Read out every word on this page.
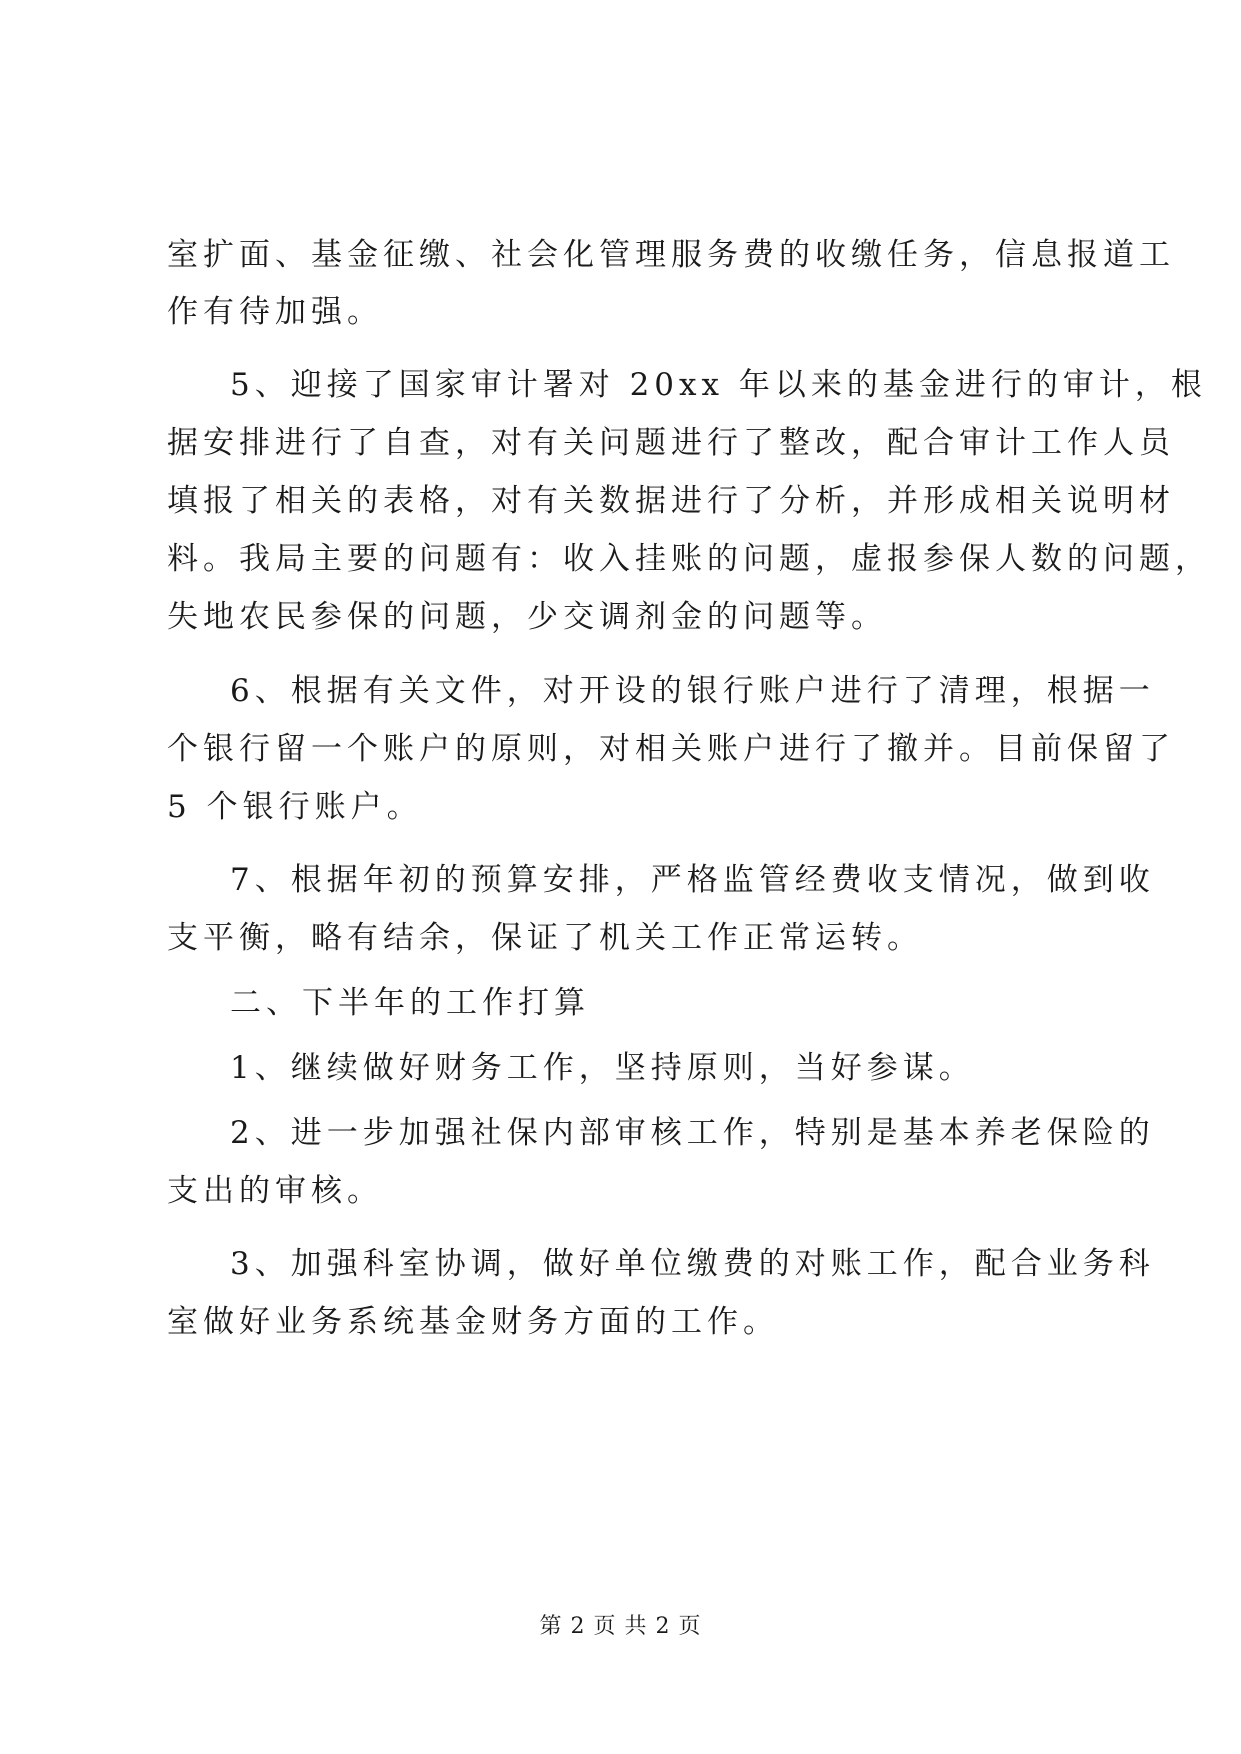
室扩面、基金征缴、社会化管理服务费的收缴任务，信息报道工
作有待加强。
5、迎接了国家审计署对 20xx 年以来的基金进行的审计，根
据安排进行了自查，对有关问题进行了整改，配合审计工作人员
填报了相关的表格，对有关数据进行了分析，并形成相关说明材
料。我局主要的问题有：收入挂账的问题，虚报参保人数的问题，
失地农民参保的问题，少交调剂金的问题等。
6、根据有关文件，对开设的银行账户进行了清理，根据一
个银行留一个账户的原则，对相关账户进行了撤并。目前保留了
5 个银行账户。
7、根据年初的预算安排，严格监管经费收支情况，做到收
支平衡，略有结余，保证了机关工作正常运转。
二、下半年的工作打算
1、继续做好财务工作，坚持原则，当好参谋。
2、进一步加强社保内部审核工作，特别是基本养老保险的
支出的审核。
3、加强科室协调，做好单位缴费的对账工作，配合业务科
室做好业务系统基金财务方面的工作。
第 2 页 共 2 页
